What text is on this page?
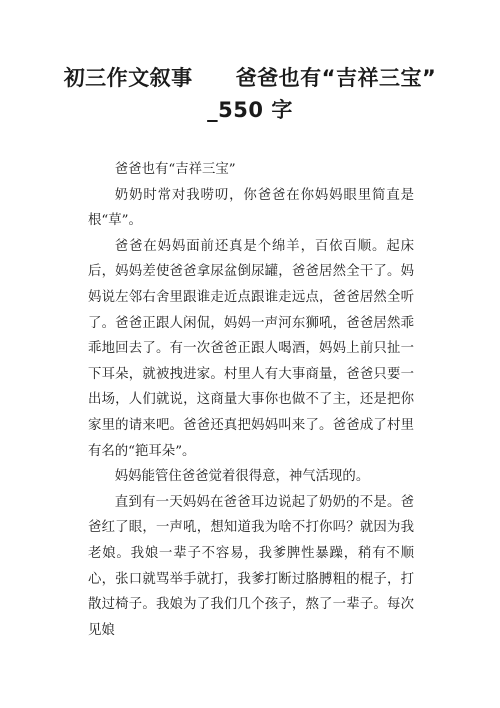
初三作文叙事　　爸爸也有“吉祥三宝”
_550 字

爸爸也有“吉祥三宝”

奶奶时常对我唠叨，你爸爸在你妈妈眼里简直是根“草”。

爸爸在妈妈面前还真是个绵羊，百依百顺。起床后，妈妈差使爸爸拿尿盆倒尿罐，爸爸居然全干了。妈妈说左邻右舍里跟谁走近点跟谁走远点，爸爸居然全听了。爸爸正跟人闲侃，妈妈一声河东狮吼，爸爸居然乖乖地回去了。有一次爸爸正跟人喝酒，妈妈上前只扯一下耳朵，就被拽进家。村里人有大事商量，爸爸只要一出场，人们就说，这商量大事你也做不了主，还是把你家里的请来吧。爸爸还真把妈妈叫来了。爸爸成了村里有名的“筢耳朵”。

妈妈能管住爸爸觉着很得意，神气活现的。

直到有一天妈妈在爸爸耳边说起了奶奶的不是。爸爸红了眼，一声吼，想知道我为啥不打你吗？就因为我老娘。我娘一辈子不容易，我爹脾性暴躁，稍有不顺心，张口就骂举手就打，我爹打断过胳膊粗的棍子，打散过椅子。我娘为了我们几个孩子，熬了一辈子。每次见娘
